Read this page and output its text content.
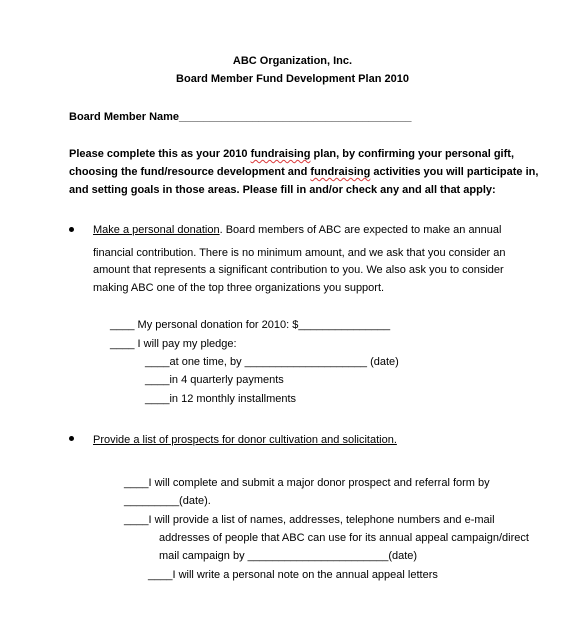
ABC Organization, Inc.
Board Member Fund Development Plan 2010
Board Member Name______________________________________
Please complete this as your 2010 fundraising plan, by confirming your personal gift,
choosing the fund/resource development and fundraising activities you will participate in,
and setting goals in those areas. Please fill in and/or check any and all that apply:
Make a personal donation. Board members of ABC are expected to make an annual
financial contribution. There is no minimum amount, and we ask that you consider an
amount that represents a significant contribution to you. We also ask you to consider
making ABC one of the top three organizations you support.
____ My personal donation for 2010: $_______________
____ I will pay my pledge:
____at one time, by ____________________ (date)
____in 4 quarterly payments
____in 12 monthly installments
Provide a list of prospects for donor cultivation and solicitation.
____I will complete and submit a major donor prospect and referral form by
_________(date).
____I will provide a list of names, addresses, telephone numbers and e-mail
addresses of people that ABC can use for its annual appeal campaign/direct
mail campaign by _______________________(date)
____I will write a personal note on the annual appeal letters
